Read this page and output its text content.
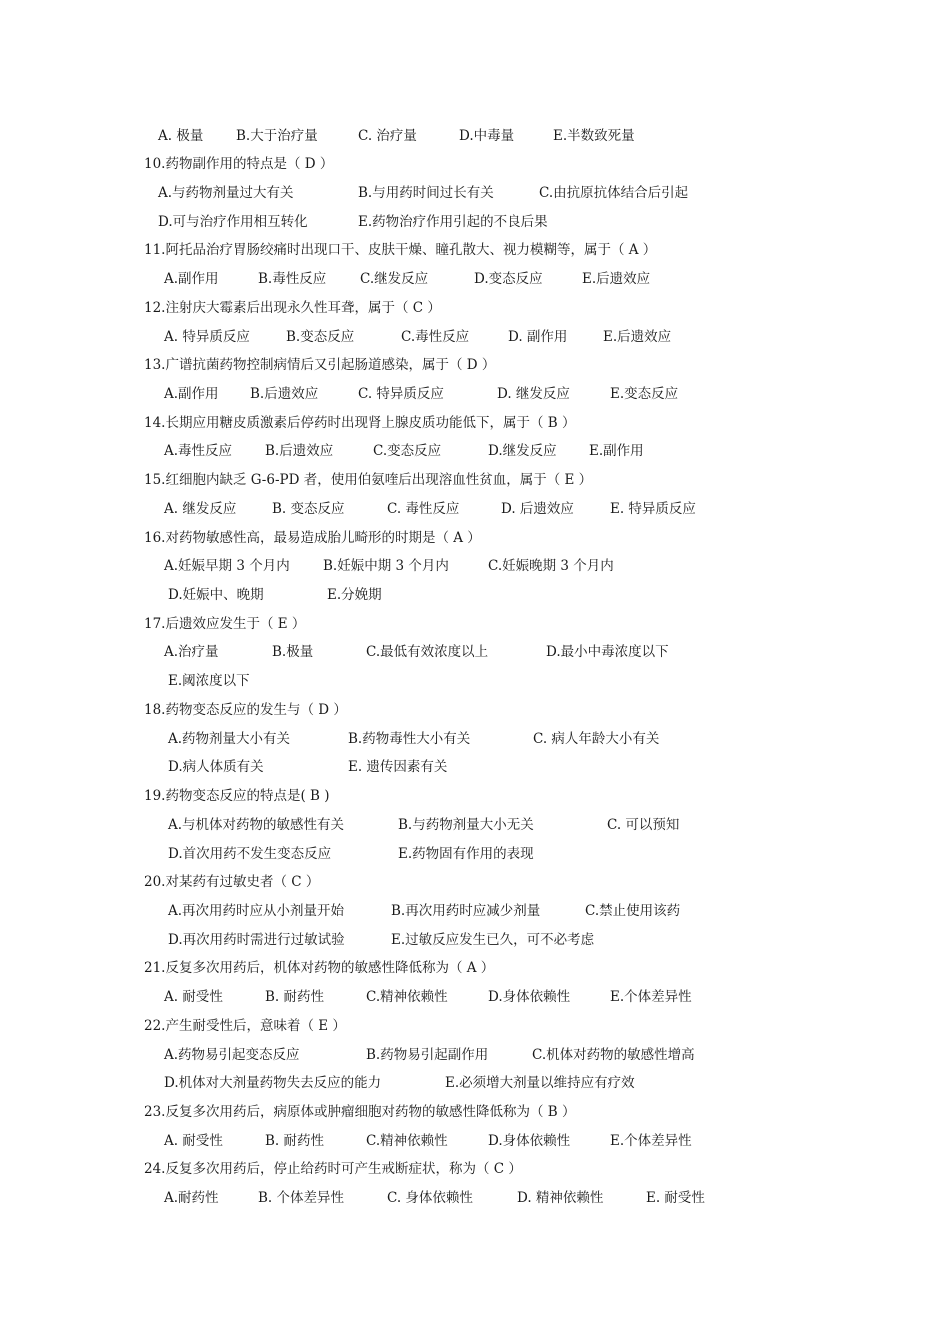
A. 极量 B.大于治疗量	C. 治疗量	D.中毒量	E.半数致死量
10.药物副作用的特点是（ D ）
A.与药物剂量过大有关	B.与用药时间过长有关	C.由抗原抗体结合后引起
D.可与治疗作用相互转化	E.药物治疗作用引起的不良后果
11.阿托品治疗胃肠绞痛时出现口干、皮肤干燥、瞳孔散大、视力模糊等，属于（ A ）
A.副作用	B.毒性反应	C.继发反应	D.变态反应	E.后遗效应
12.注射庆大霉素后出现永久性耳聋，属于（ C ）
A. 特异质反应	B.变态反应	C.毒性反应	D. 副作用	E.后遗效应
13.广谱抗菌药物控制病情后又引起肠道感染，属于（ D ）
A.副作用 B.后遗效应	C. 特异质反应	D. 继发反应	E.变态反应
14.长期应用糖皮质激素后停药时出现肾上腺皮质功能低下，属于（ B ）
A.毒性反应 B.后遗效应	C.变态反应	D.继发反应 E.副作用
15.红细胞内缺乏 G-6-PD 者，使用伯氨喹后出现溶血性贫血，属于（ E ）
A. 继发反应	B. 变态反应	C. 毒性反应	D. 后遗效应	E. 特异质反应
16.对药物敏感性高，最易造成胎儿畸形的时期是（ A ）
A.妊娠早期 3 个月内 B.妊娠中期 3 个月内	C.妊娠晚期 3 个月内
D.妊娠中、晚期	E.分娩期
17.后遗效应发生于（ E ）
A.治疗量	B.极量	C.最低有效浓度以上	D.最小中毒浓度以下
E.阈浓度以下
18.药物变态反应的发生与（ D ）
A.药物剂量大小有关	B.药物毒性大小有关	C. 病人年龄大小有关
D.病人体质有关	E. 遗传因素有关
19.药物变态反应的特点是( B )
A.与机体对药物的敏感性有关	B.与药物剂量大小无关	C. 可以预知
D.首次用药不发生变态反应	E.药物固有作用的表现
20.对某药有过敏史者（ C ）
A.再次用药时应从小剂量开始	B.再次用药时应减少剂量	C.禁止使用该药
D.再次用药时需进行过敏试验	E.过敏反应发生已久，可不必考虑
21.反复多次用药后，机体对药物的敏感性降低称为（ A ）
A. 耐受性	B. 耐药性	C.精神依赖性	D.身体依赖性	E.个体差异性
22.产生耐受性后，意味着（ E ）
A.药物易引起变态反应	B.药物易引起副作用	C.机体对药物的敏感性增高
D.机体对大剂量药物失去反应的能力	E.必须增大剂量以维持应有疗效
23.反复多次用药后，病原体或肿瘤细胞对药物的敏感性降低称为（ B ）
A. 耐受性	B. 耐药性	C.精神依赖性	D.身体依赖性	E.个体差异性
24.反复多次用药后，停止给药时可产生戒断症状，称为（ C ）
A.耐药性	B. 个体差异性	C. 身体依赖性	D. 精神依赖性	E. 耐受性
